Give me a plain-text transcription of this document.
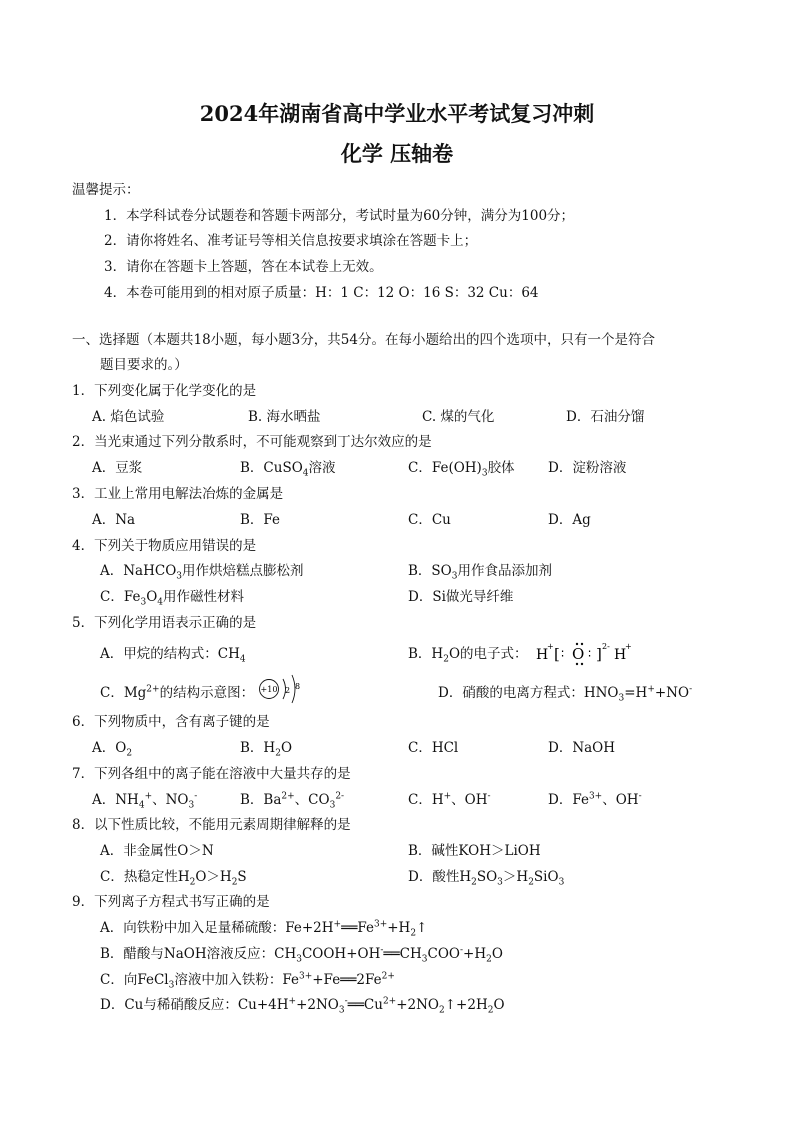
2024年湖南省高中学业水平考试复习冲刺
化学 压轴卷
温馨提示：
1．本学科试卷分试题卷和答题卡两部分，考试时量为60分钟，满分为100分；
2．请你将姓名、准考证号等相关信息按要求填涂在答题卡上；
3．请你在答题卡上答题，答在本试卷上无效。
4．本卷可能用到的相对原子质量：H：1 C：12 O：16 S：32 Cu：64
一、选择题（本题共18小题，每小题3分，共54分。在每小题给出的四个选项中，只有一个是符合
题目要求的。）
1．下列变化属于化学变化的是
A. 焰色试验	B. 海水晒盐	C. 煤的气化	D．石油分馏
2．当光束通过下列分散系时，不可能观察到丁达尔效应的是
A．豆浆	B．CuSO$_4$溶液	C．$Fe(OH)_3$胶体 D．淀粉溶液
3．工业上常用电解法冶炼的金属是
A．Na	B．Fe	C．Cu	D．Ag
4．下列关于物质应用错误的是
A．NaHCO$_3$用作烘焙糕点膨松剂	B．$SO_3$用作食品添加剂
C．$Fe_3O_4$用作磁性材料	D．Si做光导纤维
5．下列化学用语表示正确的是
A．甲烷的结构式：$CH_4$	B．$H_2O$的电子式： H
+ [ ∶ O ∶ ] 2-
H
+
C．$Mg^{2+}$的结构示意图： +10 2 8	D．硝酸的电离方程式：$HNO_3=H^++NO^-$
6．下列物质中，含有离子键的是
A．$O_2$	B．$H_2O$	C．HCl	D．NaOH
7．下列各组中的离子能在溶液中大量共存的是
A．$NH_4^+$、$NO_3^-$	B．$Ba^{2+}$、$CO_3^{2-}$	C．H+、OH-	D．$Fe^{3+}$、OH-
8．以下性质比较，不能用元素周期律解释的是
A．非金属性O＞N	B．碱性KOH＞LiOH
C．热稳定性$H_2O>H_2S$	D．酸性$H_2SO_3>H_2SiO_3$
9．下列离子方程式书写正确的是
A．向铁粉中加入足量稀硫酸：$Fe+2H^+══Fe^{3+}+H_2↑$
B．醋酸与NaOH溶液反应：$CH_3COOH+OH^-══CH_3COO^-+H_2O$
C．向FeCl$_3$溶液中加入铁粉：$Fe^{3+}+Fe══2Fe^{2+}$
D．Cu与稀硝酸反应：$Cu+4H^++2NO_3^-══Cu^{2+}+2NO_2↑+2H_2O$
